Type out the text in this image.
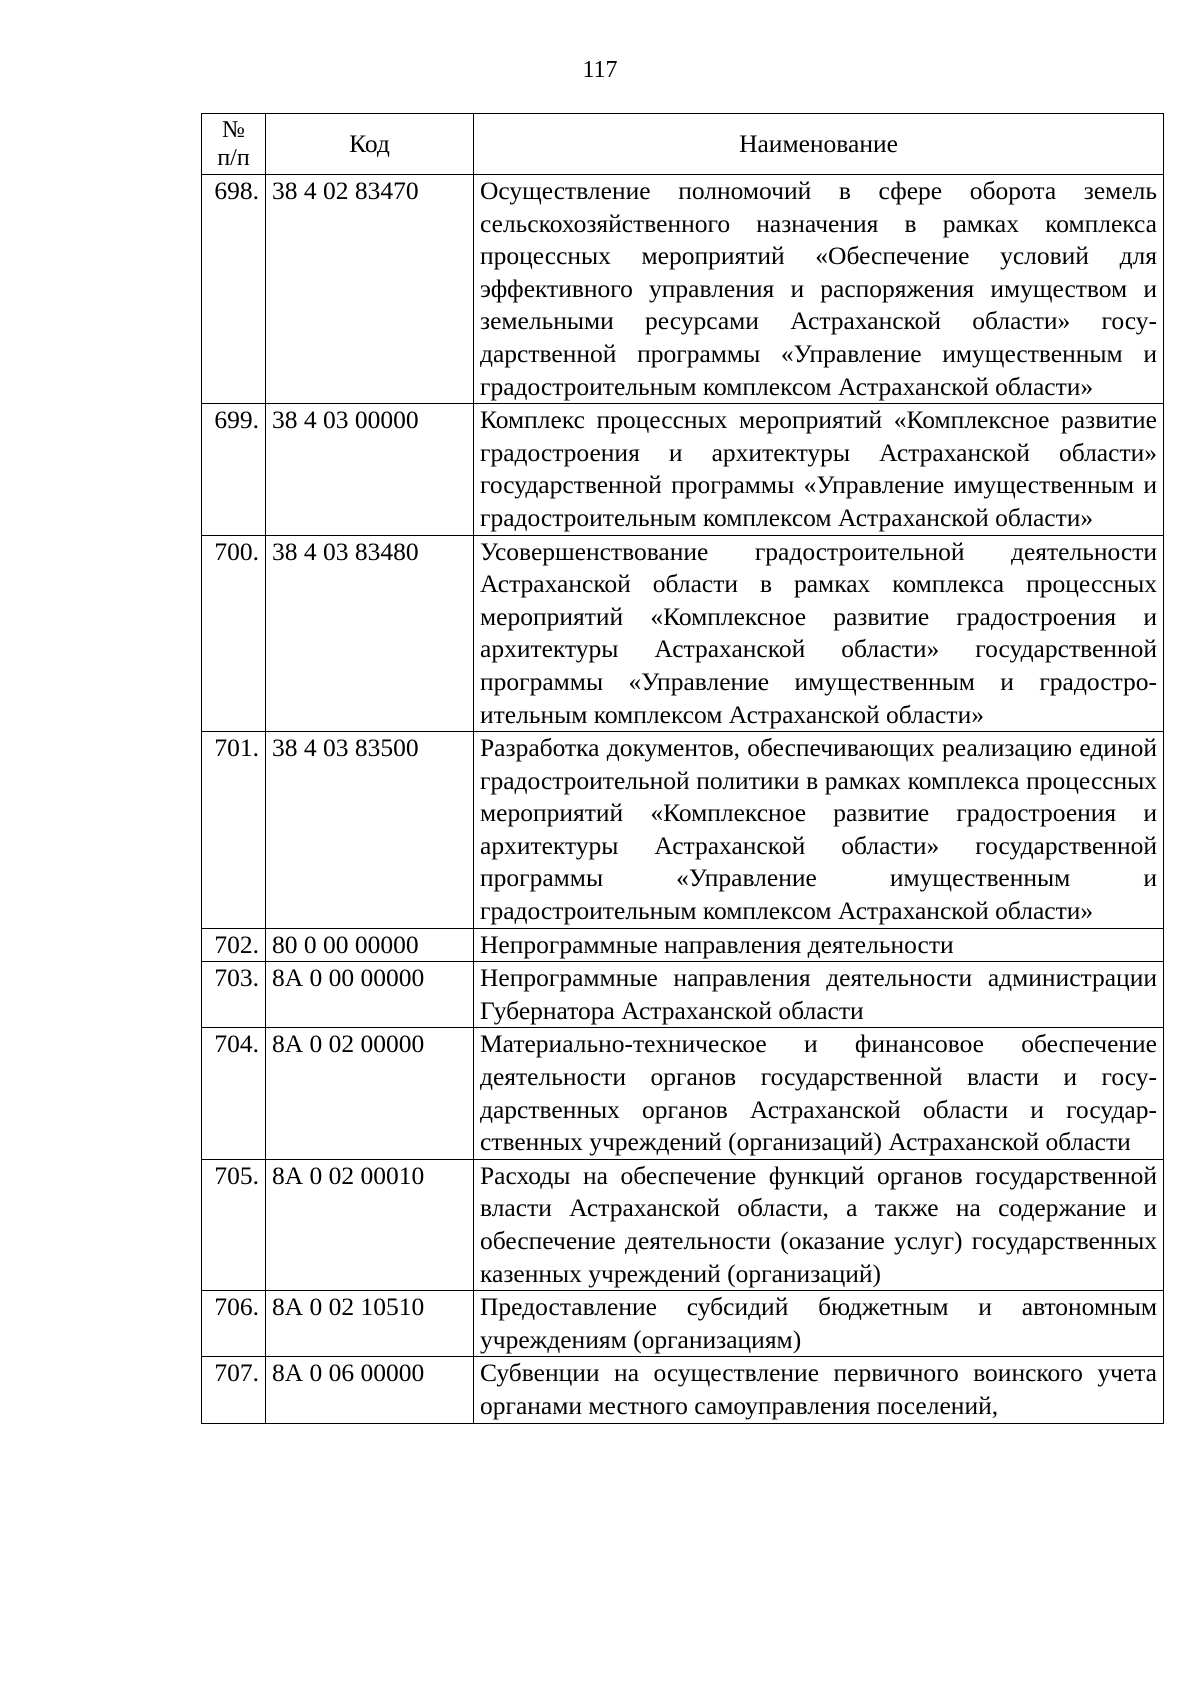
117
№
п/п	Код	Наименование
698.	38 4 02 83470	Осуществление полномочий в сфере оборота земель сельскохозяйственного назначения в рамках комплекса процессных мероприятий «Обеспечение условий для эффективного управления и распоряжения имуществом и земельными ресурсами Астраханской области» государственной программы «Управление имущественным и градостроительным комплексом Астраханской области»
699.	38 4 03 00000	Комплекс процессных мероприятий «Комплексное развитие градостроения и архитектуры Астраханской области» государственной программы «Управление имущественным и градостроительным комплексом Астраханской области»
700.	38 4 03 83480	Усовершенствование градостроительной деятельности Астраханской области в рамках комплекса процессных мероприятий «Комплексное развитие градостроения и архитектуры Астраханской области» государственной программы «Управление имущественным и градостроительным комплексом Астраханской области»
701.	38 4 03 83500	Разработка документов, обеспечивающих реализацию единой градостроительной политики в рамках комплекса процессных мероприятий «Комплексное развитие градостроения и архитектуры Астраханской области» государственной программы «Управление имущественным и градостроительным комплексом Астраханской области»
702.	80 0 00 00000	Непрограммные направления деятельности
703.	8А 0 00 00000	Непрограммные направления деятельности администрации Губернатора Астраханской области
704.	8А 0 02 00000	Материально-техническое и финансовое обеспечение деятельности органов государственной власти и государственных органов Астраханской области и государственных учреждений (организаций) Астраханской области
705.	8А 0 02 00010	Расходы на обеспечение функций органов государственной власти Астраханской области, а также на содержание и обеспечение деятельности (оказание услуг) государственных казенных учреждений (организаций)
706.	8А 0 02 10510	Предоставление субсидий бюджетным и автономным учреждениям (организациям)
707.	8А 0 06 00000	Субвенции на осуществление первичного воинского учета органами местного самоуправления поселений,
